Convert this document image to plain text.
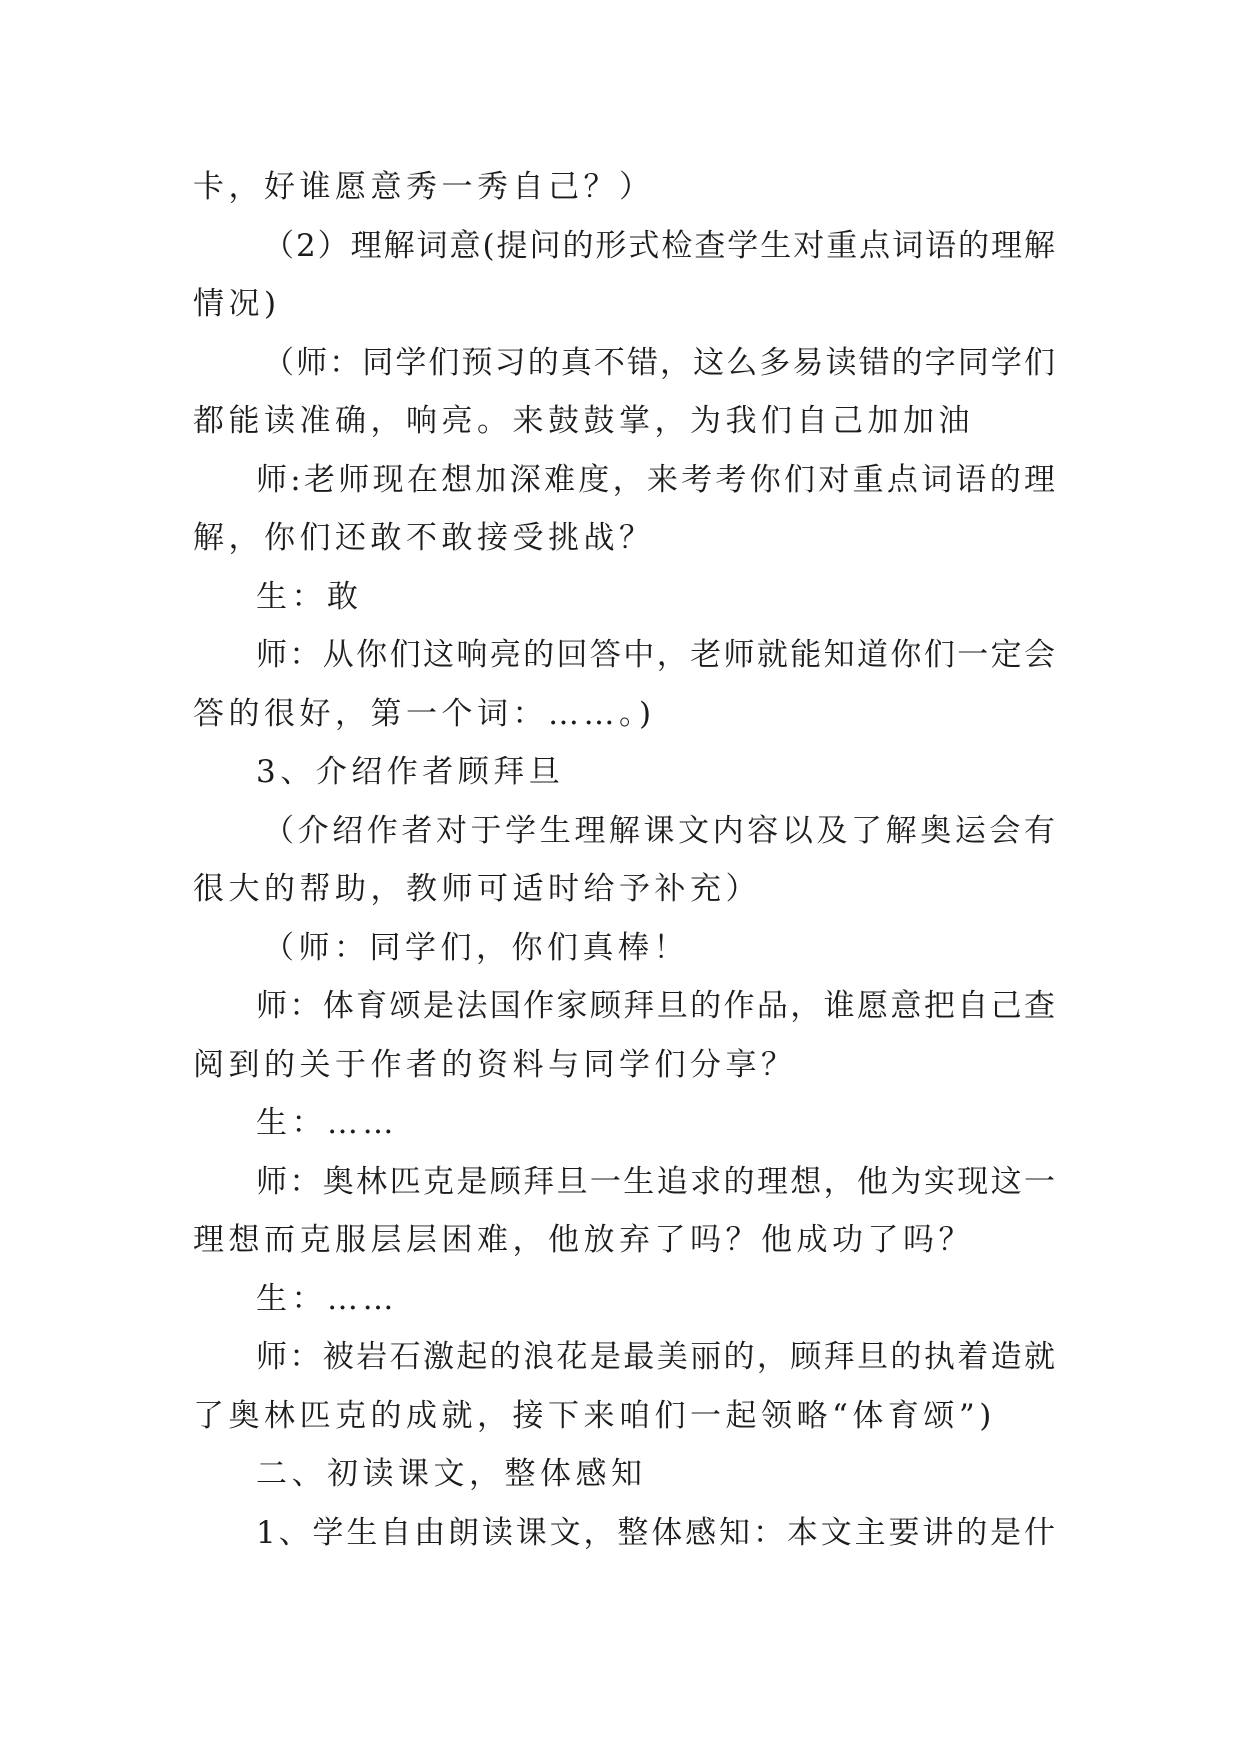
卡，好谁愿意秀一秀自己？）
（2）理解词意(提问的形式检查学生对重点词语的理解
情况)
（师：同学们预习的真不错，这么多易读错的字同学们
都能读准确，响亮。来鼓鼓掌，为我们自己加加油
师:老师现在想加深难度，来考考你们对重点词语的理
解，你们还敢不敢接受挑战？
生：敢
师：从你们这响亮的回答中，老师就能知道你们一定会
答的很好，第一个词：……。)
3、介绍作者顾拜旦
（介绍作者对于学生理解课文内容以及了解奥运会有
很大的帮助，教师可适时给予补充）
（师：同学们，你们真棒！
师：体育颂是法国作家顾拜旦的作品，谁愿意把自己查
阅到的关于作者的资料与同学们分享？
生：……
师：奥林匹克是顾拜旦一生追求的理想，他为实现这一
理想而克服层层困难，他放弃了吗？他成功了吗？
生：……
师：被岩石激起的浪花是最美丽的，顾拜旦的执着造就
了奥林匹克的成就，接下来咱们一起领略“体育颂”)
二、初读课文，整体感知
1、学生自由朗读课文，整体感知：本文主要讲的是什
